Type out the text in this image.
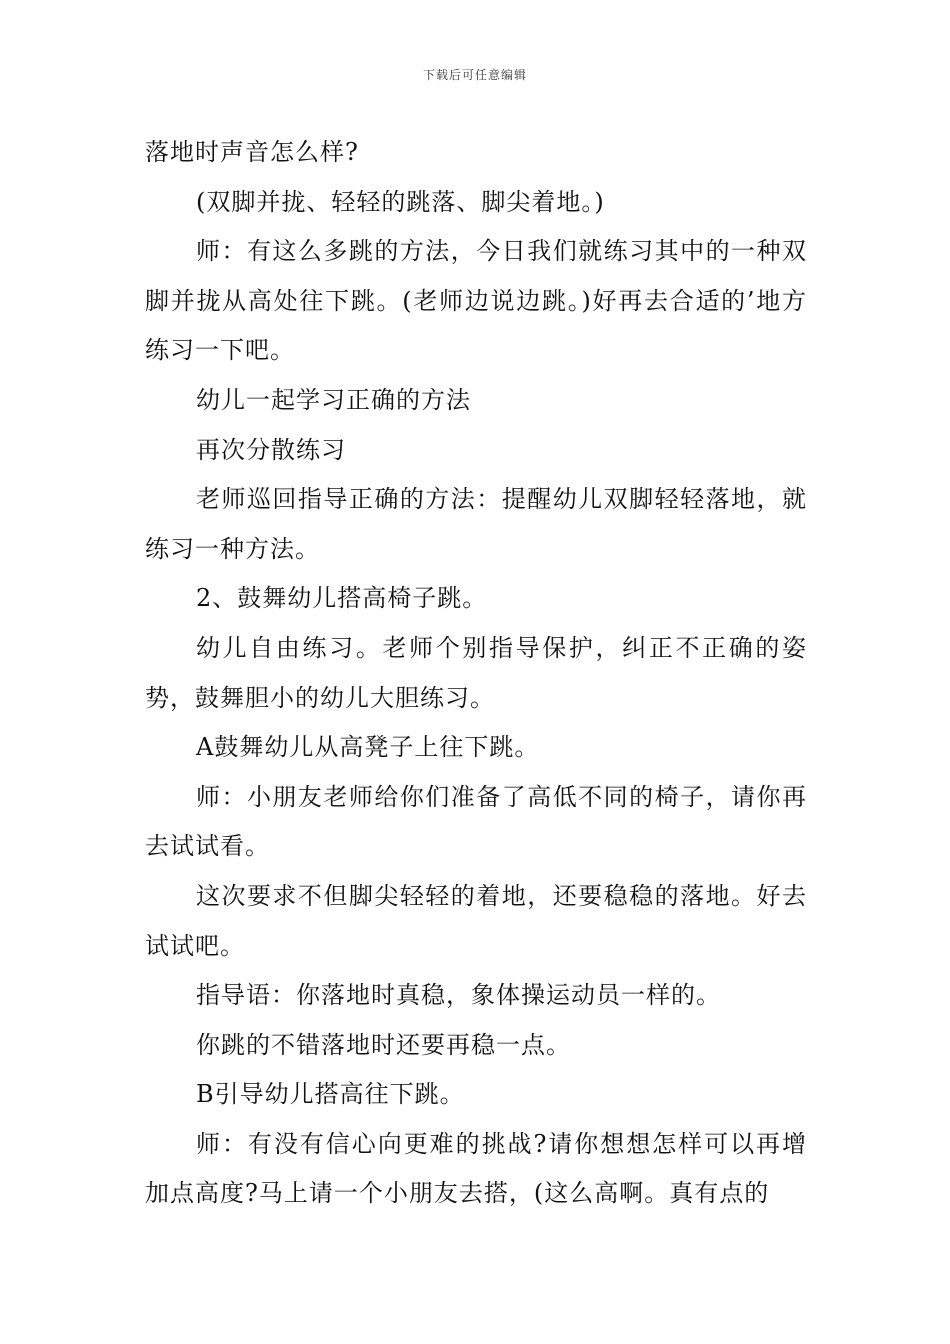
下载后可任意编辑

落地时声音怎么样?

(双脚并拢、轻轻的跳落、脚尖着地。)

师：有这么多跳的方法，今日我们就练习其中的一种双脚并拢从高处往下跳。(老师边说边跳。)好再去合适的’地方练习一下吧。

幼儿一起学习正确的方法

再次分散练习

老师巡回指导正确的方法：提醒幼儿双脚轻轻落地，就练习一种方法。

2、鼓舞幼儿搭高椅子跳。

幼儿自由练习。老师个别指导保护，纠正不正确的姿势，鼓舞胆小的幼儿大胆练习。

A鼓舞幼儿从高凳子上往下跳。

师：小朋友老师给你们准备了高低不同的椅子，请你再去试试看。

这次要求不但脚尖轻轻的着地，还要稳稳的落地。好去试试吧。

指导语：你落地时真稳，象体操运动员一样的。

你跳的不错落地时还要再稳一点。

B引导幼儿搭高往下跳。

师：有没有信心向更难的挑战?请你想想怎样可以再增加点高度?马上请一个小朋友去搭，(这么高啊。真有点的
